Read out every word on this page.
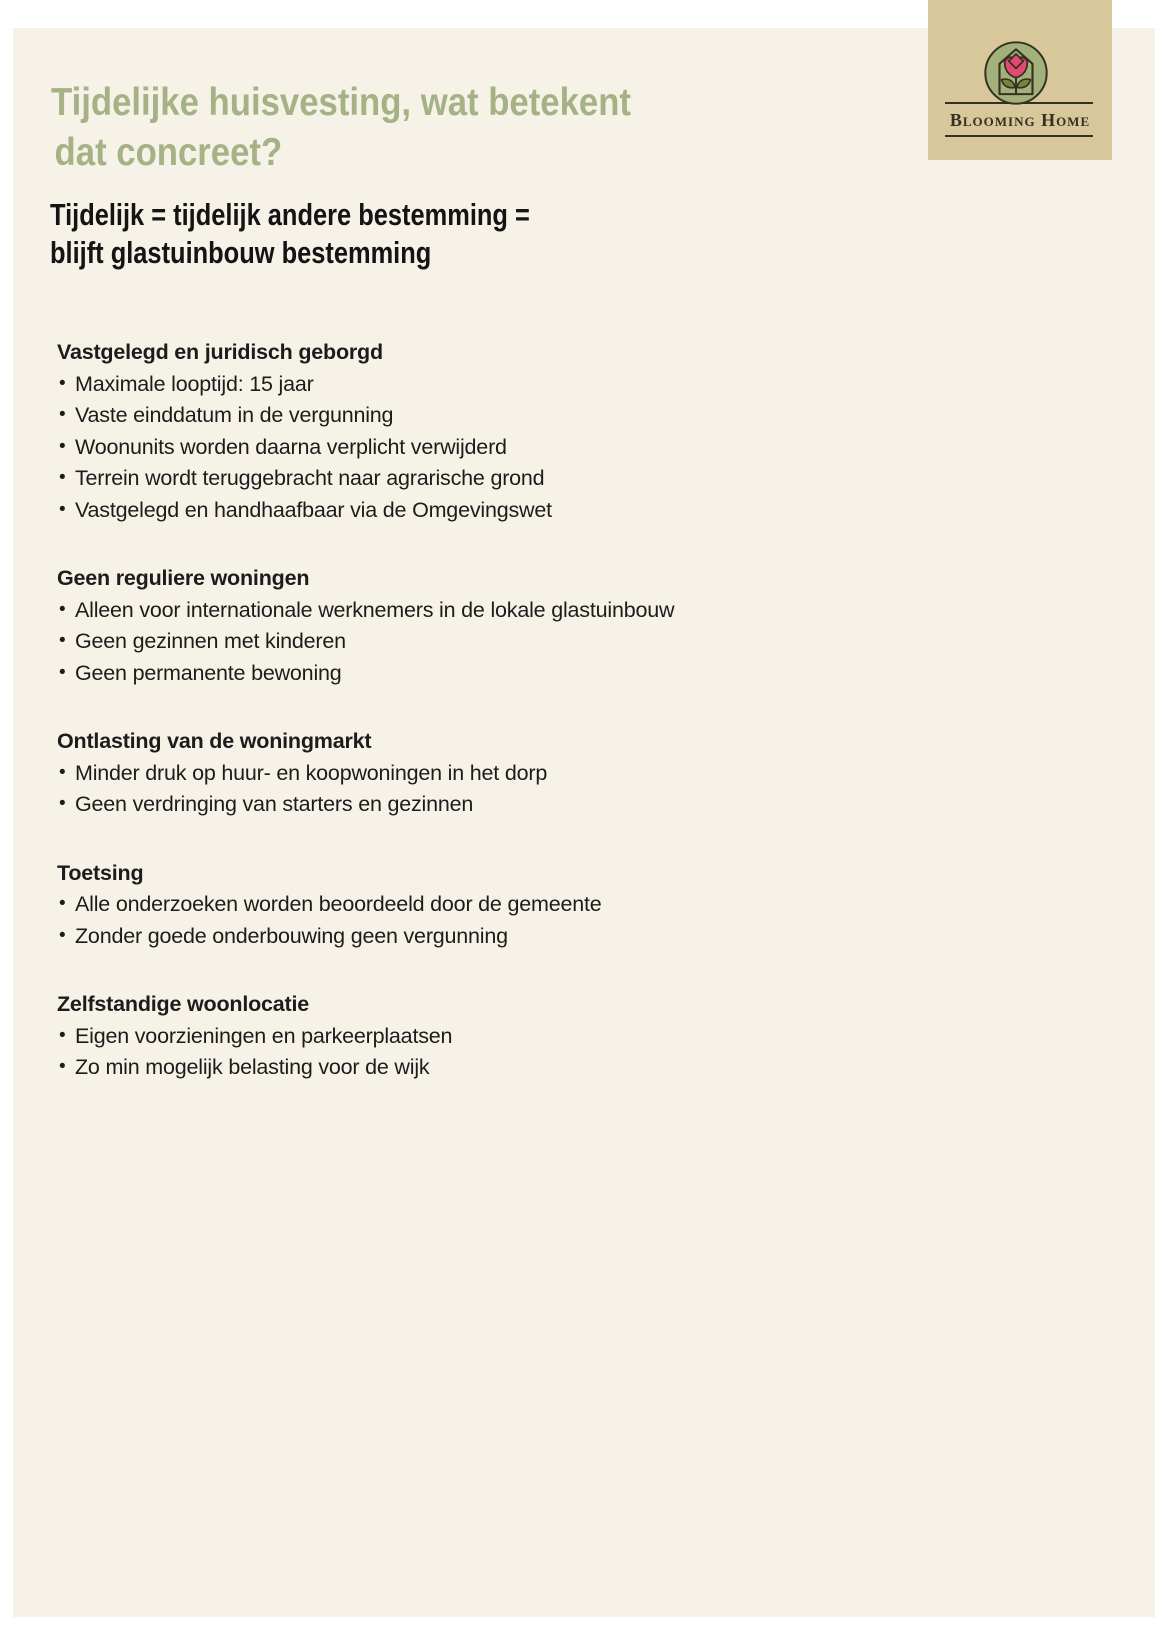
Tijdelijke huisvesting, wat betekent
dat concreet?
Tijdelijk = tijdelijk andere bestemming =
blijft glastuinbouw bestemming
Vastgelegd en juridisch geborgd
• Maximale looptijd: 15 jaar
• Vaste einddatum in de vergunning
• Woonunits worden daarna verplicht verwijderd
• Terrein wordt teruggebracht naar agrarische grond
• Vastgelegd en handhaafbaar via de Omgevingswet
Geen reguliere woningen
• Alleen voor internationale werknemers in de lokale glastuinbouw
• Geen gezinnen met kinderen
• Geen permanente bewoning
Ontlasting van de woningmarkt
• Minder druk op huur- en koopwoningen in het dorp
• Geen verdringing van starters en gezinnen
Toetsing
• Alle onderzoeken worden beoordeeld door de gemeente
• Zonder goede onderbouwing geen vergunning
Zelfstandige woonlocatie
• Eigen voorzieningen en parkeerplaatsen
• Zo min mogelijk belasting voor de wijk
Blooming Home
